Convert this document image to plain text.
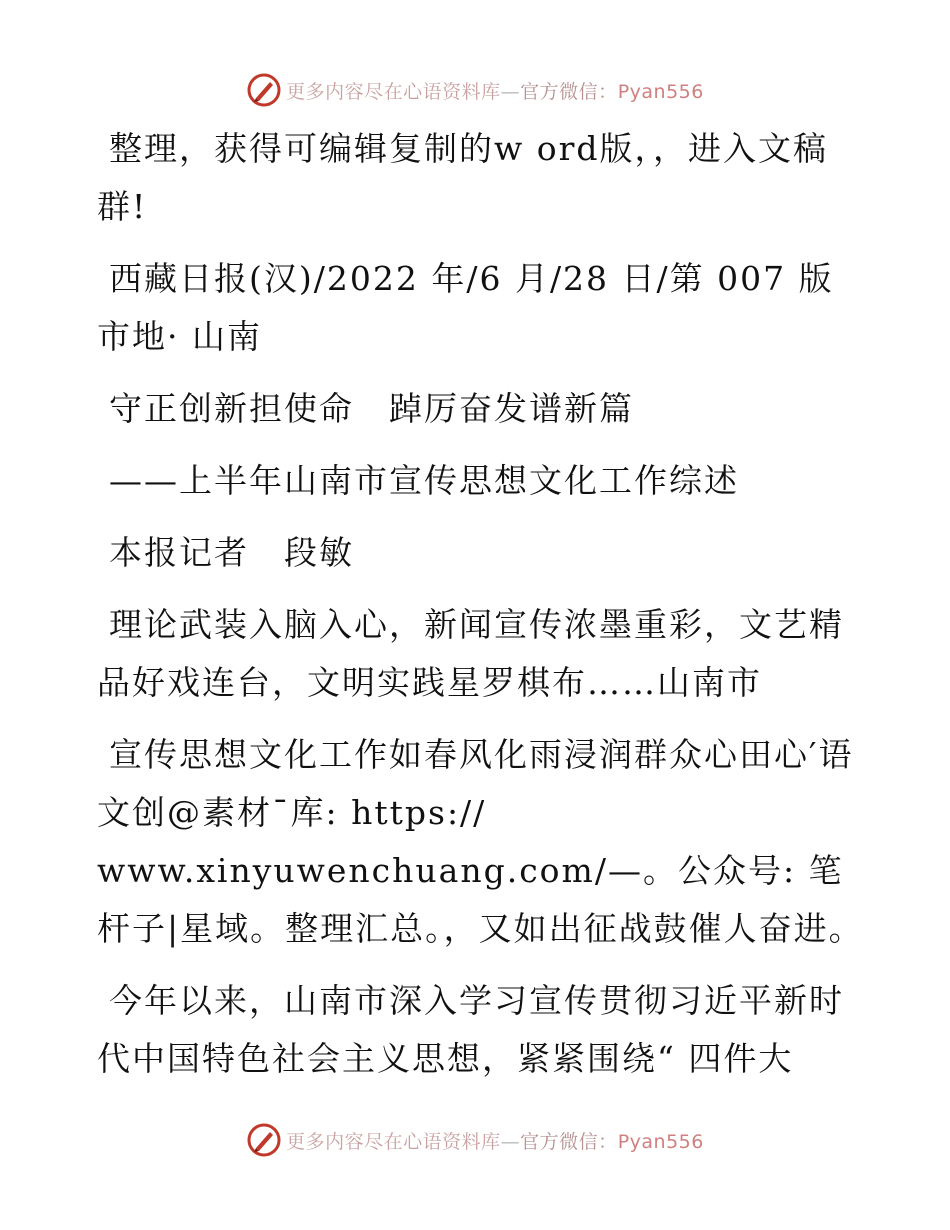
更多内容尽在心语资料库—官方微信：Pyan556

整理，获得可编辑复制的w ord版，，进入文稿群!

西藏日报(汉)/2022 年/6 月/28 日/第 007 版市地· 山南

守正创新担使命　踔厉奋发谱新篇

——上半年山南市宣传思想文化工作综述

本报记者　段敏

理论武装入脑入心，新闻宣传浓墨重彩，文艺精品好戏连台，文明实践星罗棋布……山南市

宣传思想文化工作如春风化雨浸润群众心田心′语文创@素材¯库: https://

www.xinyuwenchuang.com/—。公众号: 笔杆子|星域。整理汇总。，又如出征战鼓催人奋进。

今年以来，山南市深入学习宣传贯彻习近平新时代中国特色社会主义思想，紧紧围绕“ 四件大

更多内容尽在心语资料库—官方微信：Pyan556
